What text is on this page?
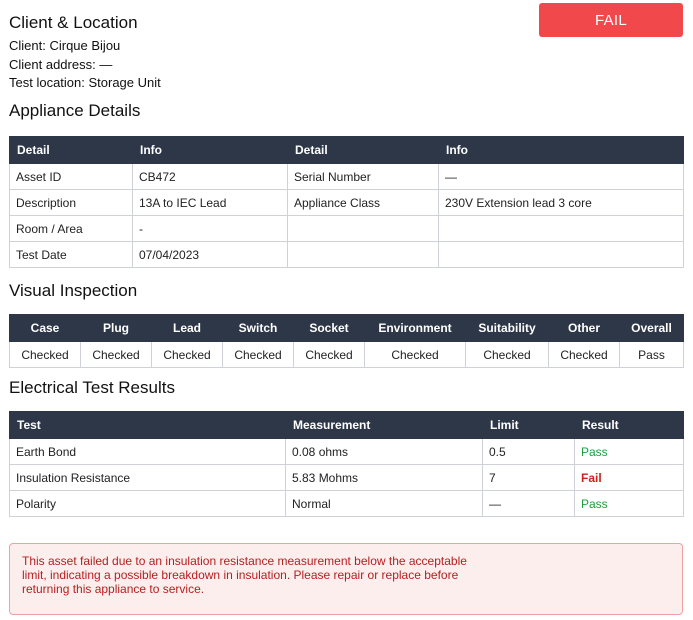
Client & Location
Client: Cirque Bijou
Client address: —
Test location: Storage Unit
FAIL
Appliance Details
Detail	Info	Detail	Info
Asset ID	CB472	Serial Number	—
Description	13A to IEC Lead	Appliance Class	230V Extension lead 3 core
Room / Area	-		
Test Date	07/04/2023		
Visual Inspection
Case	Plug	Lead	Switch	Socket	Environment	Suitability	Other	Overall
Checked	Checked	Checked	Checked	Checked	Checked	Checked	Checked	Pass
Electrical Test Results
Test	Measurement	Limit	Result
Earth Bond	0.08 ohms	0.5	Pass
Insulation Resistance	5.83 Mohms	7	Fail
Polarity	Normal	—	Pass
This asset failed due to an insulation resistance measurement below the acceptable limit, indicating a possible breakdown in insulation. Please repair or replace before returning this appliance to service.
